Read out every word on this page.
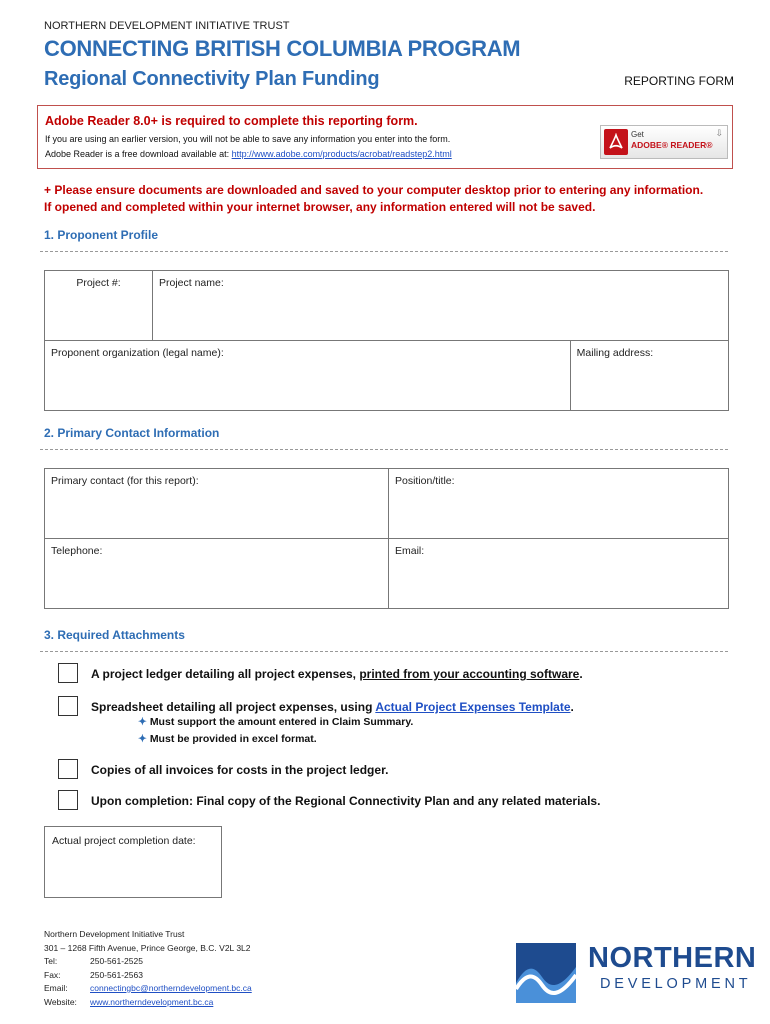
NORTHERN DEVELOPMENT INITIATIVE TRUST
CONNECTING BRITISH COLUMBIA PROGRAM
Regional Connectivity Plan Funding	REPORTING FORM
Adobe Reader 8.0+ is required to complete this reporting form.
If you are using an earlier version, you will not be able to save any information you enter into the form.
Adobe Reader is a free download available at: http://www.adobe.com/products/acrobat/readstep2.html
Get
ADOBE® READER®
⇩
+ Please ensure documents are downloaded and saved to your computer desktop prior to entering any information.
If opened and completed within your internet browser, any information entered will not be saved.
1. Proponent Profile
Project #:	Project name:	
Proponent organization (legal name):		Mailing address:
2. Primary Contact Information
Primary contact (for this report):	Position/title:
Telephone:	Email:
3. Required Attachments
A project ledger detailing all project expenses, printed from your accounting software.
Spreadsheet detailing all project expenses, using Actual Project Expenses Template.
✦ Must support the amount entered in Claim Summary.
✦ Must be provided in excel format.
Copies of all invoices for costs in the project ledger.
Upon completion: Final copy of the Regional Connectivity Plan and any related materials.
Actual project completion date:
Northern Development Initiative Trust
301 – 1268 Fifth Avenue, Prince George, B.C. V2L 3L2
Tel:	250-561-2525
Fax:	250-561-2563
Email:	connectingbc@northerndevelopment.bc.ca
Website:	www.northerndevelopment.bc.ca
NORTHERN
DEVELOPMENT
